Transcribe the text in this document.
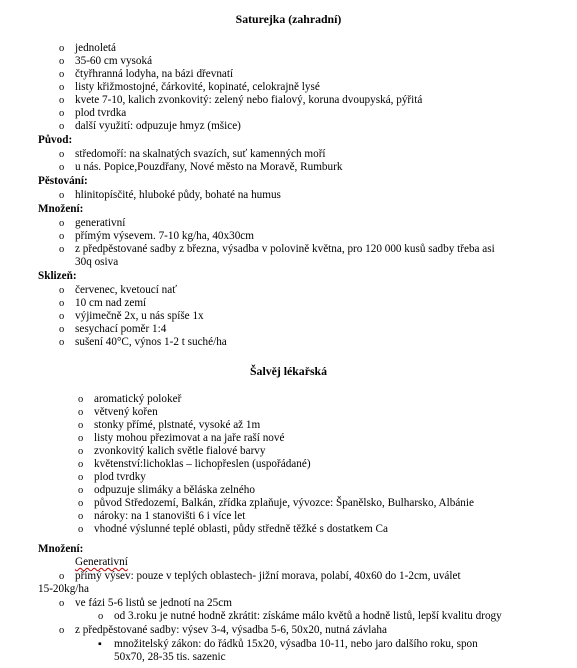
Saturejka (zahradní)
o jednoletá
o 35-60 cm vysoká
o čtyřhranná lodyha, na bázi dřevnatí
o listy křižmostojné, čárkovité, kopinaté, celokrajně lysé
o kvete 7-10, kalich zvonkovitý: zelený nebo fialový, koruna dvoupyská, pýřitá
o plod tvrdka
o další využití: odpuzuje hmyz (mšice)
Původ:
o středomoří: na skalnatých svazích, suť kamenných moří
o u nás. Popice,Pouzdřany, Nové město na Moravě, Rumburk
Pěstování:
o hlinitopísčité, hluboké půdy, bohaté na humus
Množení:
o generativní
o přímým výsevem. 7-10 kg/ha, 40x30cm
o z předpěstované sadby z března, výsadba v polovině května, pro 120 000 kusů sadby třeba asi
30q osiva
Sklizeň:
o červenec, kvetoucí nať
o 10 cm nad zemí
o výjimečně 2x, u nás spíše 1x
o sesychací poměr 1:4
o sušení 40°C, výnos 1-2 t suché/ha
Šalvěj lékařská
o aromatický polokeř
o větvený kořen
o stonky přímé, plstnaté, vysoké až 1m
o listy mohou přezimovat a na jaře raší nové
o zvonkovitý kalich světle fialové barvy
o květenství:lichoklas – lichopřeslen (uspořádané)
o plod tvrdky
o odpuzuje slimáky a běláska zelného
o původ Středozemí, Balkán, zřídka zplaňuje, vývozce: Španělsko, Bulharsko, Albánie
o nároky: na 1 stanovišti 6 i více let
o vhodné výslunné teplé oblasti, půdy středně těžké s dostatkem Ca
Množení:
Generativní
o přímý výsev: pouze v teplých oblastech- jižní morava, polabí, 40x60 do 1-2cm, uválet
15-20kg/ha
o ve fázi 5-6 listů se jednotí na 25cm
o od 3.roku je nutné hodně zkrátit: získáme málo květů a hodně listů, lepší kvalitu drogy
o z předpěstované sadby: výsev 3-4, výsadba 5-6, 50x20, nutná závlaha
▪ množitelský zákon: do řádků 15x20, výsadba 10-11, nebo jaro dalšího roku, spon
50x70, 28-35 tis. sazenic
